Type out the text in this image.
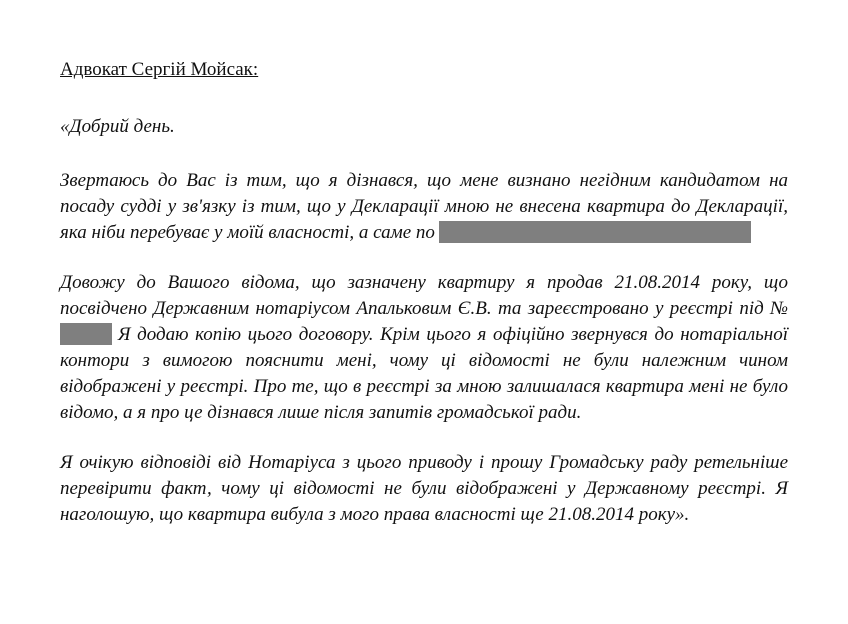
Адвокат Сергій Мойсак:

«Добрий день.

Звертаюсь до Вас із тим, що я дізнався, що мене визнано негідним кандидатом на посаду судді у зв'язку із тим, що у Декларації мною не внесена квартира до Декларації, яка ніби перебуває у моїй власності, а саме по

Довожу до Вашого відома, що зазначену квартиру я продав 21.08.2014 року, що посвідчено Державним нотаріусом Апальковим Є.В. та зареєстровано у реєстрі під № Я додаю копію цього договору. Крім цього я офіційно звернувся до нотаріальної контори з вимогою пояснити мені, чому ці відомості не були належним чином відображені у реєстрі. Про те, що в реєстрі за мною залишалася квартира мені не було відомо, а я про це дізнався лише після запитів громадської ради.

Я очікую відповіді від Нотаріуса з цього приводу і прошу Громадську раду ретельніше перевірити факт, чому ці відомості не були відображені у Державному реєстрі. Я наголошую, що квартира вибула з мого права власності ще 21.08.2014 року».
